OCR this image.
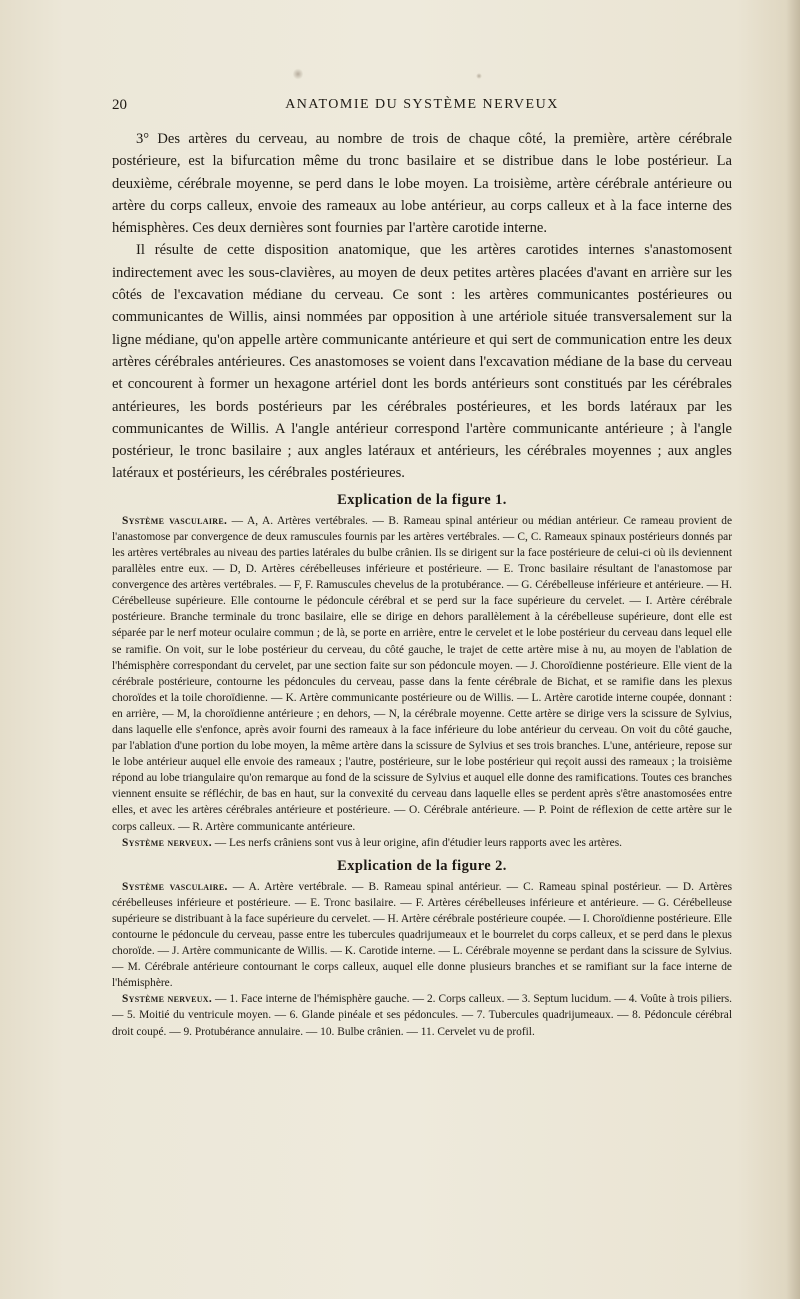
20	ANATOMIE DU SYSTÈME NERVEUX

3° Des artères du cerveau, au nombre de trois de chaque côté, la première, artère cérébrale postérieure, est la bifurcation même du tronc basilaire et se distribue dans le lobe postérieur. La deuxième, cérébrale moyenne, se perd dans le lobe moyen. La troisième, artère cérébrale antérieure ou artère du corps calleux, envoie des rameaux au lobe antérieur, au corps calleux et à la face interne des hémisphères. Ces deux dernières sont fournies par l'artère carotide interne.

Il résulte de cette disposition anatomique, que les artères carotides internes s'anastomosent indirectement avec les sous-clavières, au moyen de deux petites artères placées d'avant en arrière sur les côtés de l'excavation médiane du cerveau. Ce sont : les artères communicantes postérieures ou communicantes de Willis, ainsi nommées par opposition à une artériole située transversalement sur la ligne médiane, qu'on appelle artère communicante antérieure et qui sert de communication entre les deux artères cérébrales antérieures. Ces anastomoses se voient dans l'excavation médiane de la base du cerveau et concourent à former un hexagone artériel dont les bords antérieurs sont constitués par les cérébrales antérieures, les bords postérieurs par les cérébrales postérieures, et les bords latéraux par les communicantes de Willis. A l'angle antérieur correspond l'artère communicante antérieure ; à l'angle postérieur, le tronc basilaire ; aux angles latéraux et antérieurs, les cérébrales moyennes ; aux angles latéraux et postérieurs, les cérébrales postérieures.

Explication de la figure 1.

Système vasculaire. — A, A. Artères vertébrales. — B. Rameau spinal antérieur ou médian antérieur. Ce rameau provient de l'anastomose par convergence de deux ramuscules fournis par les artères vertébrales. — C, C. Rameaux spinaux postérieurs donnés par les artères vertébrales au niveau des parties latérales du bulbe crânien. Ils se dirigent sur la face postérieure de celui-ci où ils deviennent parallèles entre eux. — D, D. Artères cérébelleuses inférieure et postérieure. — E. Tronc basilaire résultant de l'anastomose par convergence des artères vertébrales. — F, F. Ramuscules chevelus de la protubérance. — G. Cérébelleuse inférieure et antérieure. — H. Cérébelleuse supérieure. Elle contourne le pédoncule cérébral et se perd sur la face supérieure du cervelet. — I. Artère cérébrale postérieure. Branche terminale du tronc basilaire, elle se dirige en dehors parallèlement à la cérébelleuse supérieure, dont elle est séparée par le nerf moteur oculaire commun ; de là, se porte en arrière, entre le cervelet et le lobe postérieur du cerveau dans lequel elle se ramifie. On voit, sur le lobe postérieur du cerveau, du côté gauche, le trajet de cette artère mise à nu, au moyen de l'ablation de l'hémisphère correspondant du cervelet, par une section faite sur son pédoncule moyen. — J. Choroïdienne postérieure. Elle vient de la cérébrale postérieure, contourne les pédoncules du cerveau, passe dans la fente cérébrale de Bichat, et se ramifie dans les plexus choroïdes et la toile choroïdienne. — K. Artère communicante postérieure ou de Willis. — L. Artère carotide interne coupée, donnant : en arrière, — M, la choroïdienne antérieure ; en dehors, — N, la cérébrale moyenne. Cette artère se dirige vers la scissure de Sylvius, dans laquelle elle s'enfonce, après avoir fourni des rameaux à la face inférieure du lobe antérieur du cerveau. On voit du côté gauche, par l'ablation d'une portion du lobe moyen, la même artère dans la scissure de Sylvius et ses trois branches. L'une, antérieure, repose sur le lobe antérieur auquel elle envoie des rameaux ; l'autre, postérieure, sur le lobe postérieur qui reçoit aussi des rameaux ; la troisième répond au lobe triangulaire qu'on remarque au fond de la scissure de Sylvius et auquel elle donne des ramifications. Toutes ces branches viennent ensuite se réfléchir, de bas en haut, sur la convexité du cerveau dans laquelle elles se perdent après s'être anastomosées entre elles, et avec les artères cérébrales antérieure et postérieure. — O. Cérébrale antérieure. — P. Point de réflexion de cette artère sur le corps calleux. — R. Artère communicante antérieure.

Système nerveux. — Les nerfs crâniens sont vus à leur origine, afin d'étudier leurs rapports avec les artères.

Explication de la figure 2.

Système vasculaire. — A. Artère vertébrale. — B. Rameau spinal antérieur. — C. Rameau spinal postérieur. — D. Artères cérébelleuses inférieure et postérieure. — E. Tronc basilaire. — F. Artères cérébelleuses inférieure et antérieure. — G. Cérébelleuse supérieure se distribuant à la face supérieure du cervelet. — H. Artère cérébrale postérieure coupée. — I. Choroïdienne postérieure. Elle contourne le pédoncule du cerveau, passe entre les tubercules quadrijumeaux et le bourrelet du corps calleux, et se perd dans le plexus choroïde. — J. Artère communicante de Willis. — K. Carotide interne. — L. Cérébrale moyenne se perdant dans la scissure de Sylvius. — M. Cérébrale antérieure contournant le corps calleux, auquel elle donne plusieurs branches et se ramifiant sur la face interne de l'hémisphère.

Système nerveux. — 1. Face interne de l'hémisphère gauche. — 2. Corps calleux. — 3. Septum lucidum. — 4. Voûte à trois piliers. — 5. Moitié du ventricule moyen. — 6. Glande pinéale et ses pédoncules. — 7. Tubercules quadrijumeaux. — 8. Pédoncule cérébral droit coupé. — 9. Protubérance annulaire. — 10. Bulbe crânien. — 11. Cervelet vu de profil.
